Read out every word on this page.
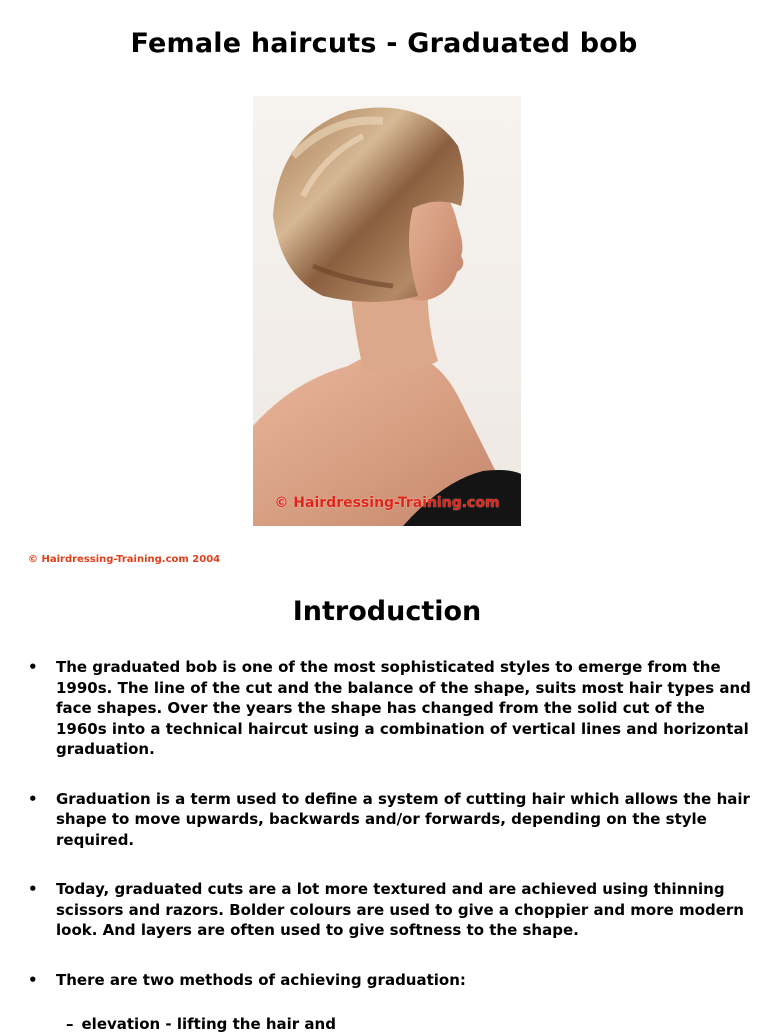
Female haircuts - Graduated bob
© Hairdressing-Training.com
© Hairdressing-Training.com 2004
Introduction
• The graduated bob is one of the most sophisticated styles to emerge from the 1990s. The line of the cut and the balance of the shape, suits most hair types and face shapes. Over the years the shape has changed from the solid cut of the 1960s into a technical haircut using a combination of vertical lines and horizontal graduation.
• Graduation is a term used to define a system of cutting hair which allows the hair shape to move upwards, backwards and/or forwards, depending on the style required.
• Today, graduated cuts are a lot more textured and are achieved using thinning scissors and razors. Bolder colours are used to give a choppier and more modern look. And layers are often used to give softness to the shape.
• There are two methods of achieving graduation:
– elevation - lifting the hair and
